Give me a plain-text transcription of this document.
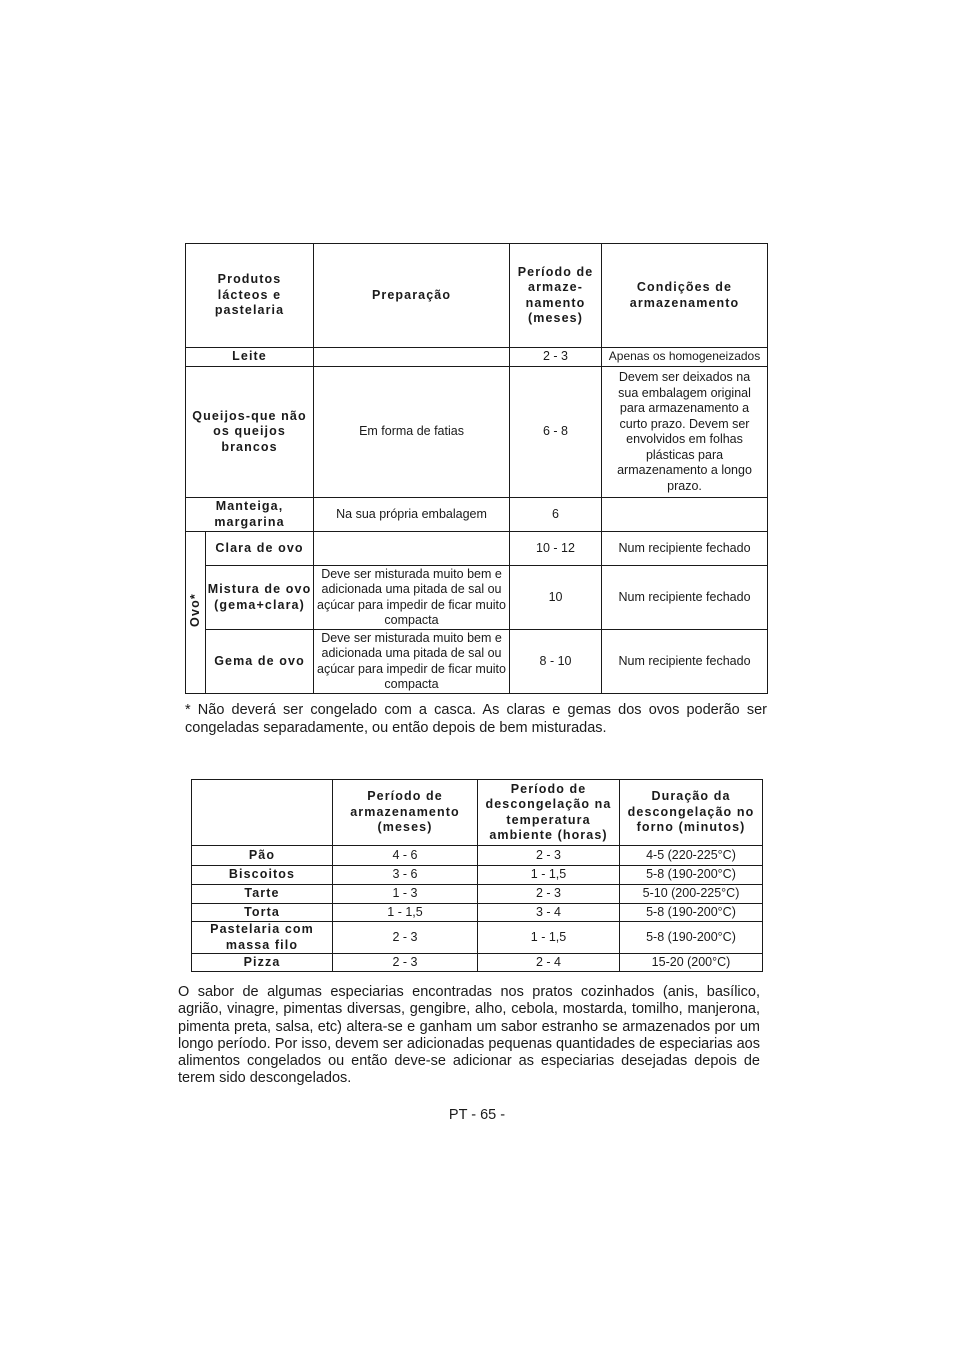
Produtos lácteos e pastelaria		Preparação	Período de armaze-namento (meses)	Condições de armazenamento
Leite			2 - 3	Apenas os homogeneizados
Queijos-que não os queijos brancos		Em forma de fatias	6 - 8	Devem ser deixados na sua embalagem original para armazenamento a curto prazo. Devem ser envolvidos em folhas plásticas para armazenamento a longo prazo.
Manteiga, margarina		Na sua própria embalagem	6	
Ovo*	Clara de ovo		10 - 12	Num recipiente fechado
	Mistura de ovo (gema+clara)	Deve ser misturada muito bem e adicionada uma pitada de sal ou açúcar para impedir de ficar muito compacta	10	Num recipiente fechado
	Gema de ovo	Deve ser misturada muito bem e adicionada uma pitada de sal ou açúcar para impedir de ficar muito compacta	8 - 10	Num recipiente fechado
* Não deverá ser congelado com a casca. As claras e gemas dos ovos poderão ser congeladas separadamente, ou então depois de bem misturadas.
	Período de armazenamento (meses)	Período de descongelação na temperatura ambiente (horas)	Duração da descongelação no forno (minutos)
Pão	4 - 6	2 - 3	4-5 (220-225°C)
Biscoitos	3 - 6	1 - 1,5	5-8 (190-200°C)
Tarte	1 - 3	2 - 3	5-10 (200-225°C)
Torta	1 - 1,5	3 - 4	5-8 (190-200°C)
Pastelaria com massa filo	2 - 3	1 - 1,5	5-8 (190-200°C)
Pizza	2 - 3	2 - 4	15-20 (200°C)
O sabor de algumas especiarias encontradas nos pratos cozinhados (anis, basílico, agrião, vinagre, pimentas diversas, gengibre, alho, cebola, mostarda, tomilho, manjerona, pimenta preta, salsa, etc) altera-se e ganham um sabor estranho se armazenados por um longo período. Por isso, devem ser adicionadas pequenas quantidades de especiarias aos alimentos congelados ou então deve-se adicionar as especiarias desejadas depois de terem sido descongelados.
PT - 65 -
